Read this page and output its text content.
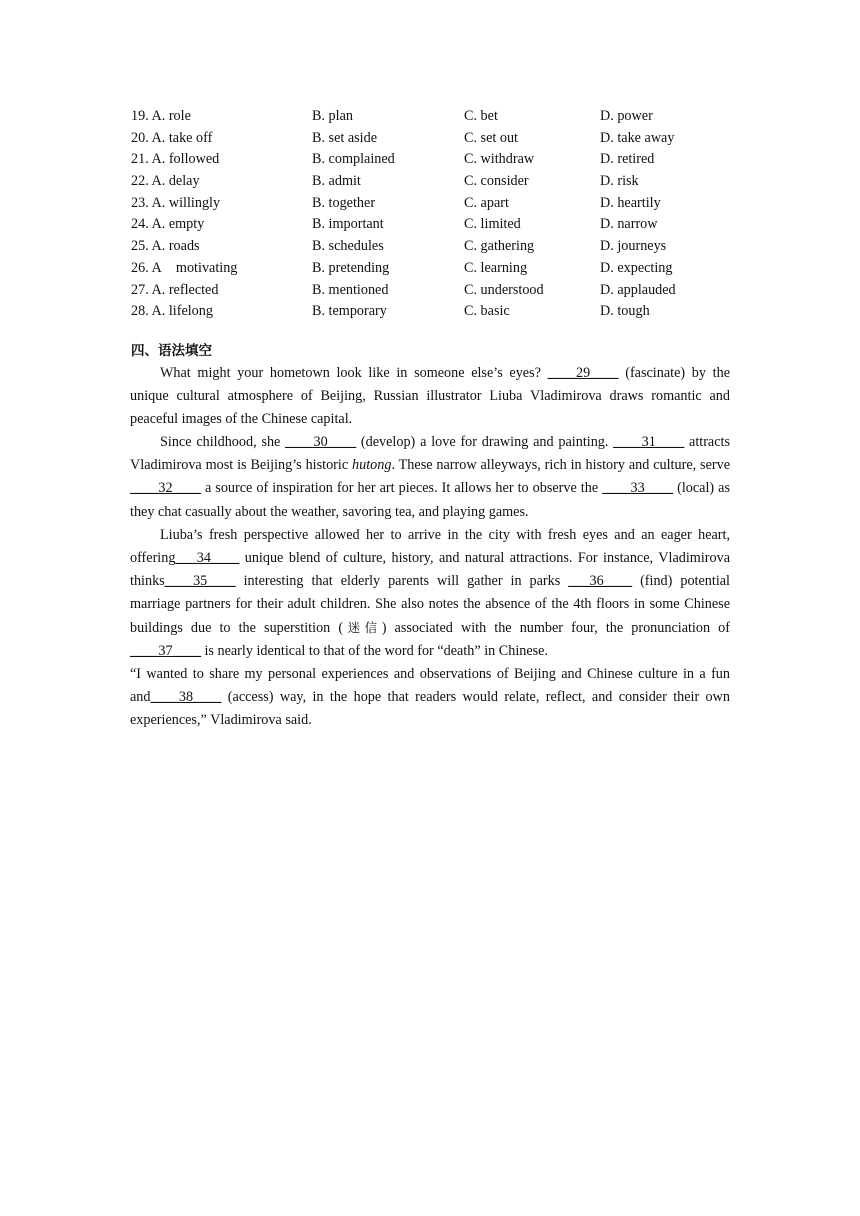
19. A. role	B. plan	C. bet	D. power
20. A. take off	B. set aside	C. set out	D. take away
21. A. followed	B. complained	C. withdraw	D. retired
22. A. delay	B. admit	C. consider	D. risk
23. A. willingly	B. together	C. apart	D. heartily
24. A. empty	B. important	C. limited	D. narrow
25. A. roads	B. schedules	C. gathering	D. journeys
26. A    motivating	B. pretending	C. learning	D. expecting
27. A. reflected	B. mentioned	C. understood	D. applauded
28. A. lifelong	B. temporary	C. basic	D. tough
四、语法填空

What might your hometown look like in someone else’s eyes? ____29____ (fascinate) by the unique cultural atmosphere of Beijing, Russian illustrator Liuba Vladimirova draws romantic and peaceful images of the Chinese capital.

Since childhood, she ____30____ (develop) a love for drawing and painting. ____31____ attracts Vladimirova most is Beijing’s historic hutong. These narrow alleyways, rich in history and culture, serve ____32____ a source of inspiration for her art pieces. It allows her to observe the ____33____ (local) as they chat casually about the weather, savoring tea, and playing games.

Liuba’s fresh perspective allowed her to arrive in the city with fresh eyes and an eager heart, offering___34____ unique blend of culture, history, and natural attractions. For instance, Vladimirova thinks____35____ interesting that elderly parents will gather in parks ___36____ (find) potential marriage partners for their adult children. She also notes the absence of the 4th floors in some Chinese buildings due to the superstition (迷信) associated with the number four, the pronunciation of ____37____ is nearly identical to that of the word for “death” in Chinese.

“I wanted to share my personal experiences and observations of Beijing and Chinese culture in a fun and____38____ (access) way, in the hope that readers would relate, reflect, and consider their own experiences,” Vladimirova said.
